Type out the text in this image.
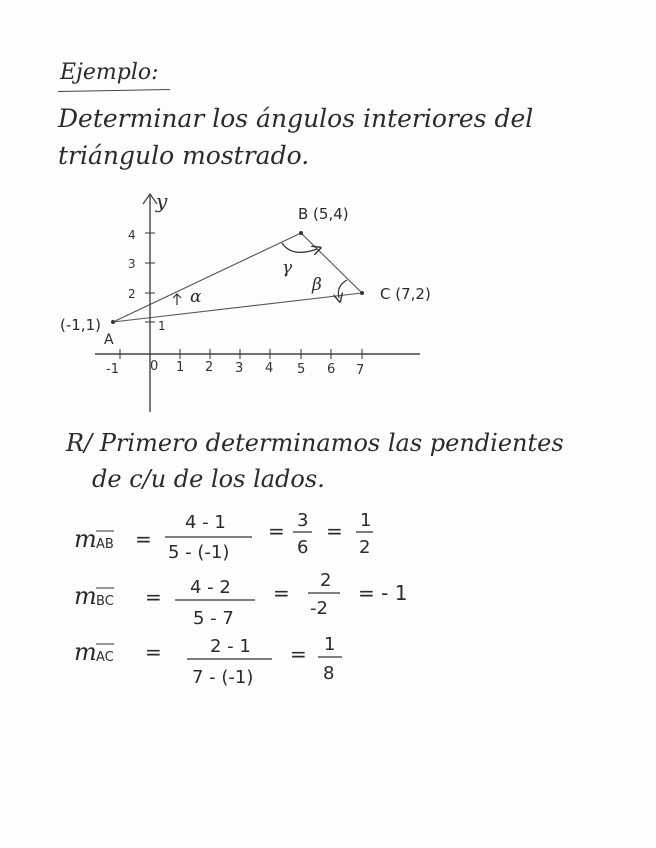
Ejemplo:
Determinar los ángulos interiores del
triángulo mostrado.
y
-1 0 1 2 3 4 5 6 7
1
2
3
4
(-1,1)
A
B (5,4)
C (7,2)
γ
β
α
R/ Primero determinamos las pendientes
de c/u de los lados.
m AB =
4 - 1
5 - (-1)
= 3
6
= 1
2
m BC = 4 - 2
5 - 7
=
2
-2
= - 1
m AC =	2 - 1
7 - (-1)
= 1
8
